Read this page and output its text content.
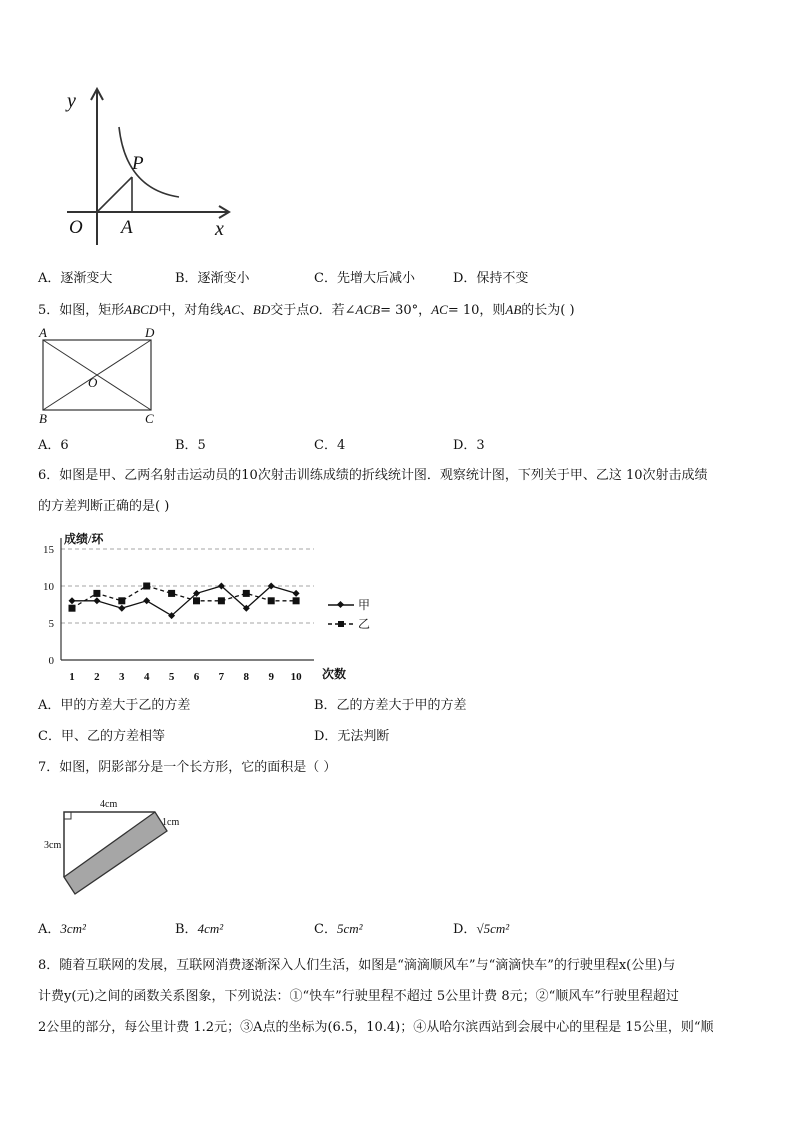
y
x
O A
P
A．逐渐变大	B．逐渐变小	C．先增大后减小	D．保持不变
5．如图，矩形ABCD中，对角线AC、BD交于点O．若∠ACB= 30°，AC= 10，则AB的长为( )
A	D
B	C
O
A．6	B．5	C．4	D．3
6．如图是甲、乙两名射击运动员的10次射击训练成绩的折线统计图．观察统计图，下列关于甲、乙这 10次射击成绩
的方差判断正确的是( )
成绩/环
次数
0
5
10
15
1 2 3 4 5 6 7 8 9 10
甲
乙
A．甲的方差大于乙的方差	B．乙的方差大于甲的方差
C．甲、乙的方差相等	D．无法判断
7．如图，阴影部分是一个长方形，它的面积是（ ）
4cm
3cm
1cm
A．3cm²	B．4cm²	C．5cm²	D．√5cm²
8．随着互联网的发展，互联网消费逐渐深入人们生活，如图是“滴滴顺风车”与“滴滴快车”的行驶里程x(公里)与
计费y(元)之间的函数关系图象，下列说法：①“快车”行驶里程不超过 5公里计费 8元；②“顺风车”行驶里程超过
2公里的部分，每公里计费 1.2元；③A点的坐标为(6.5，10.4)；④从哈尔滨西站到会展中心的里程是 15公里，则“顺
